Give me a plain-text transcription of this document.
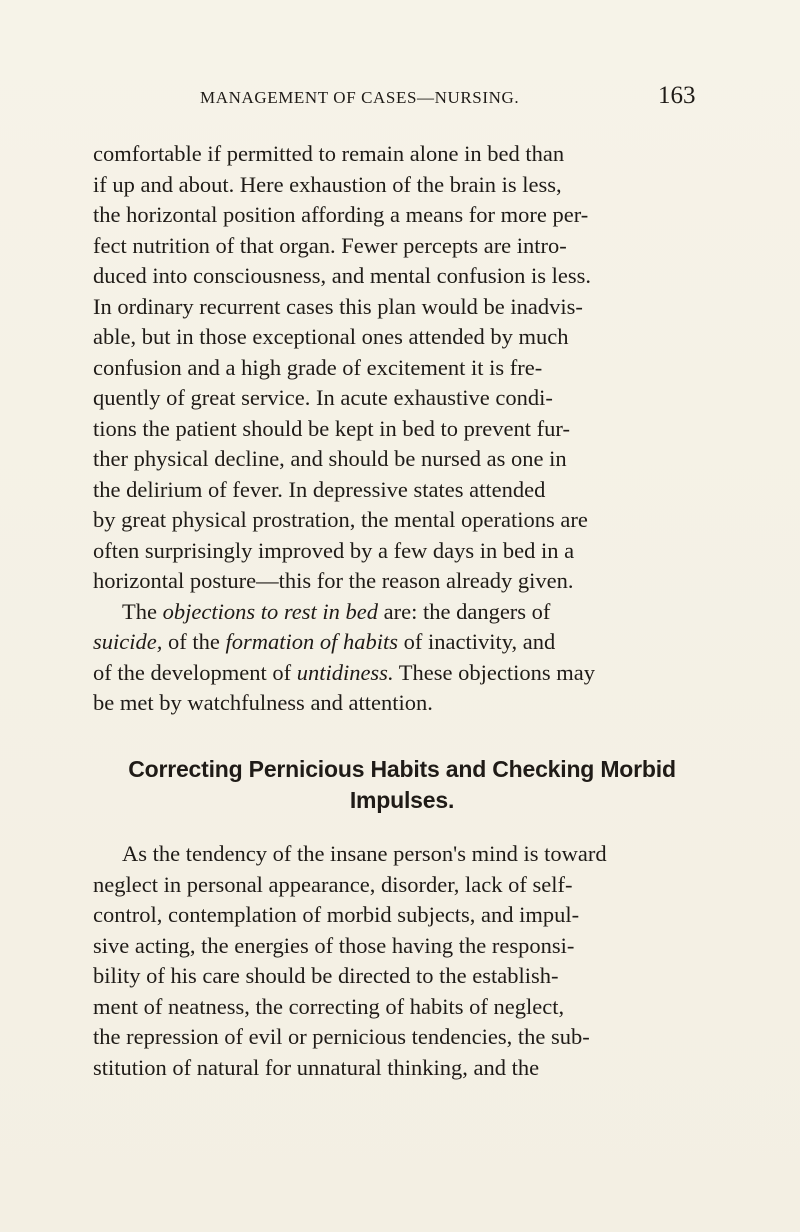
MANAGEMENT OF CASES—NURSING.	163
comfortable if permitted to remain alone in bed than
if up and about. Here exhaustion of the brain is less,
the horizontal position affording a means for more per-
fect nutrition of that organ. Fewer percepts are intro-
duced into consciousness, and mental confusion is less.
In ordinary recurrent cases this plan would be inadvis-
able, but in those exceptional ones attended by much
confusion and a high grade of excitement it is fre-
quently of great service. In acute exhaustive condi-
tions the patient should be kept in bed to prevent fur-
ther physical decline, and should be nursed as one in
the delirium of fever. In depressive states attended
by great physical prostration, the mental operations are
often surprisingly improved by a few days in bed in a
horizontal posture—this for the reason already given.
The objections to rest in bed are: the dangers of
suicide, of the formation of habits of inactivity, and
of the development of untidiness. These objections may
be met by watchfulness and attention.
Correcting Pernicious Habits and Checking Morbid
Impulses.
As the tendency of the insane person's mind is toward
neglect in personal appearance, disorder, lack of self-
control, contemplation of morbid subjects, and impul-
sive acting, the energies of those having the responsi-
bility of his care should be directed to the establish-
ment of neatness, the correcting of habits of neglect,
the repression of evil or pernicious tendencies, the sub-
stitution of natural for unnatural thinking, and the
